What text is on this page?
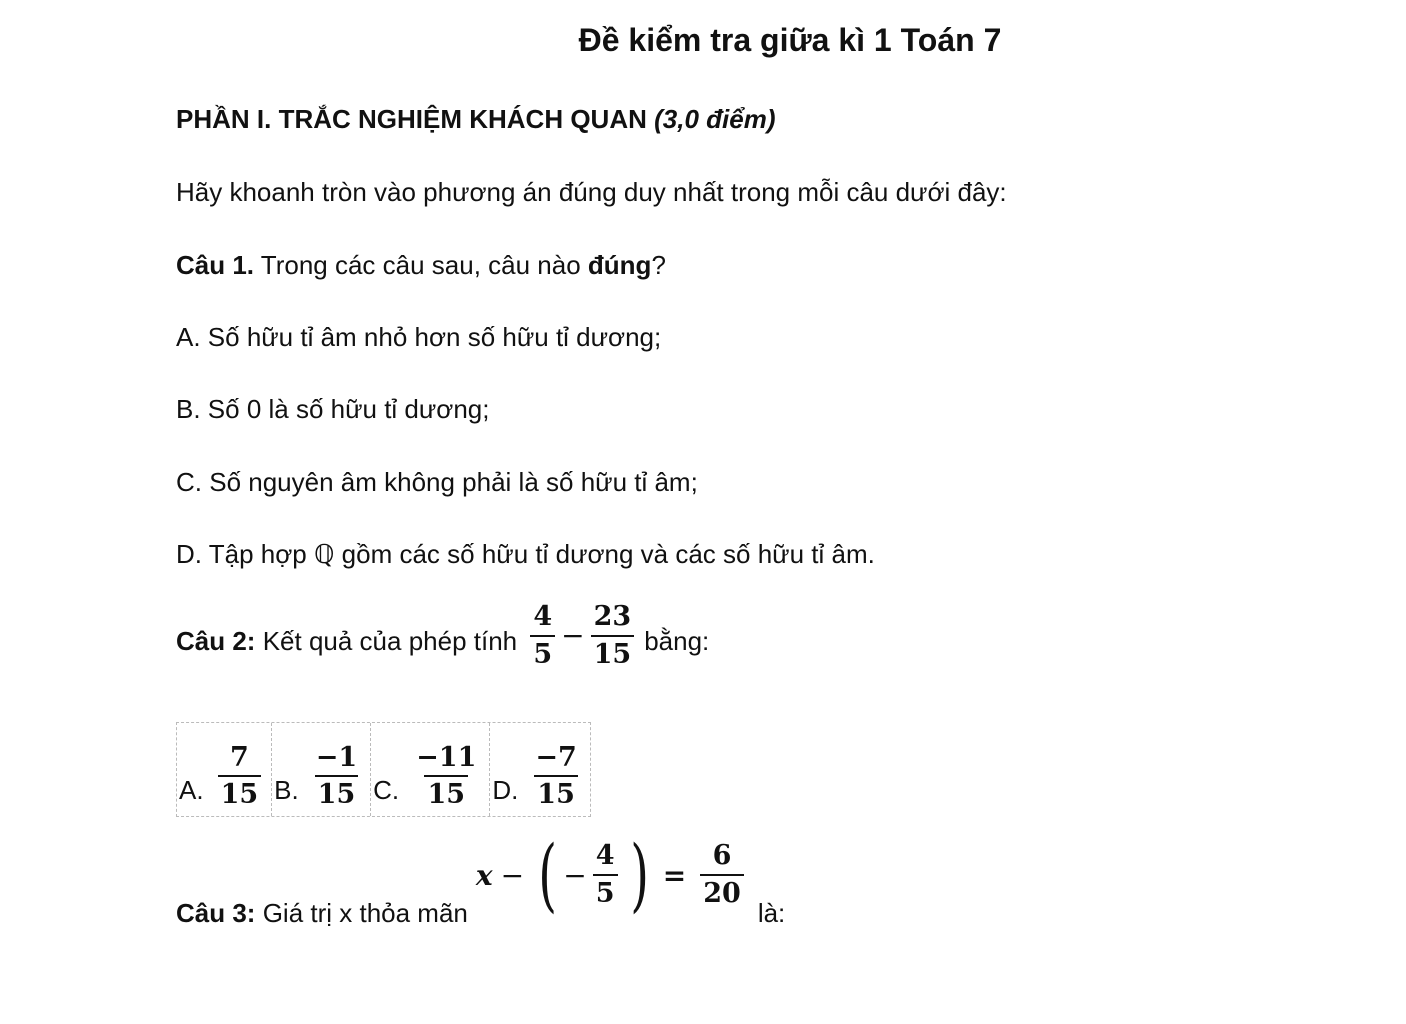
Đề kiểm tra giữa kì 1 Toán 7
PHẦN I. TRẮC NGHIỆM KHÁCH QUAN (3,0 điểm)
Hãy khoanh tròn vào phương án đúng duy nhất trong mỗi câu dưới đây:
Câu 1. Trong các câu sau, câu nào đúng?
A. Số hữu tỉ âm nhỏ hơn số hữu tỉ dương;
B. Số 0 là số hữu tỉ dương;
C. Số nguyên âm không phải là số hữu tỉ âm;
D. Tập hợp ℚ gồm các số hữu tỉ dương và các số hữu tỉ âm.
Câu 2: Kết quả của phép tính $\frac{4}{5} - \frac{23}{15}$ bằng:
A. $\frac{7}{15} B$. $\frac{-1}{15} C$. $\frac{-11}{15} D$. $\frac{-7}{15}$
Câu 3: Giá trị x thỏa mãn
x − ( − $\frac{4}{5}$ ) = $\frac{6}{20}$
là:
